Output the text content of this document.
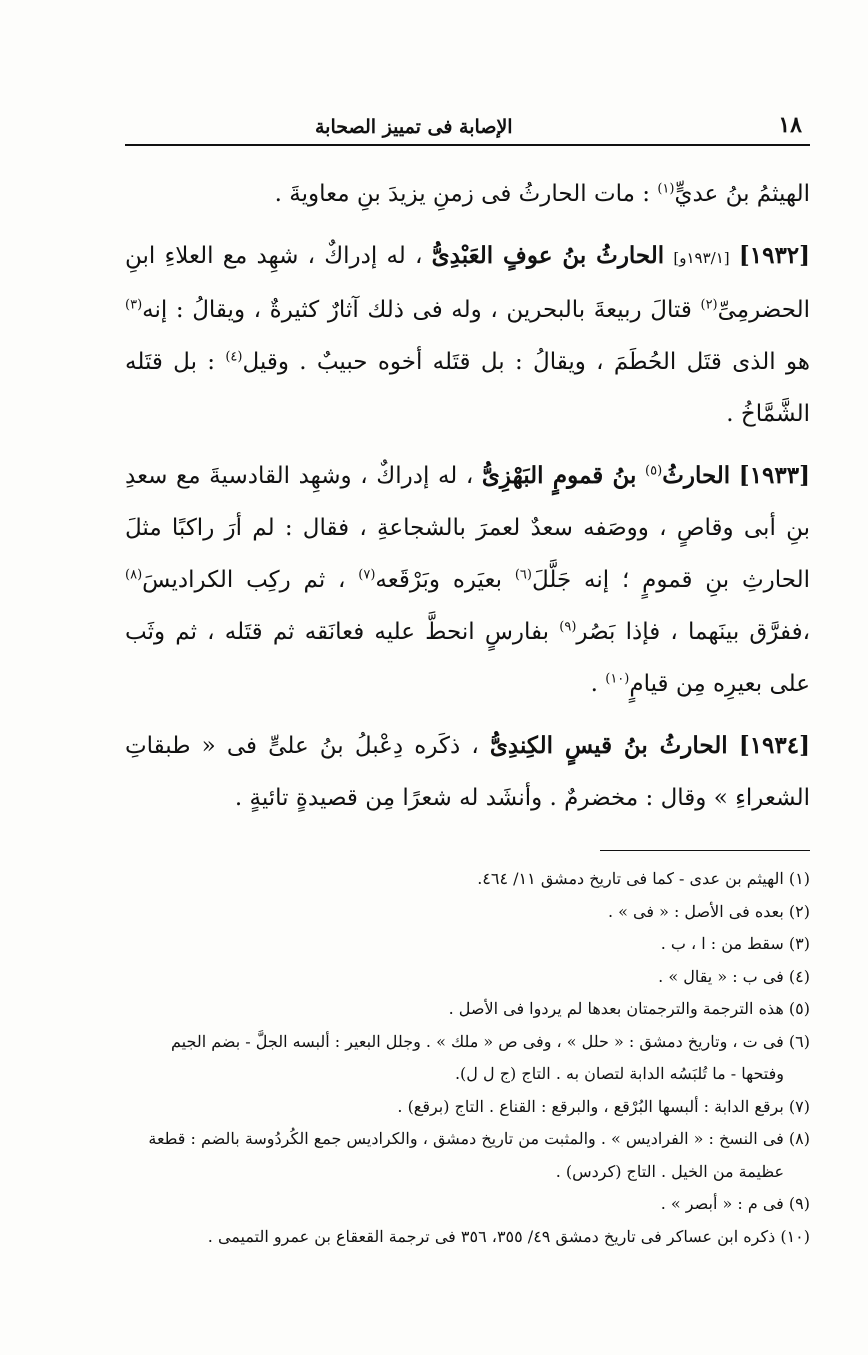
١٨
الإصابة فى تمييز الصحابة

الهيثمُ بنُ عديٍّ$^{(١)}$ : مات الحارثُ فى زمنِ يزيدَ بنِ معاويةَ .

[١٩٣٢] [١٩٣/١و] الحارثُ بنُ عوفٍ العَبْدِىُّ ، له إدراكٌ ، شهِد مع العلاءِ ابنِ الحضرمِىِّ$^{(٢)}$ قتالَ ربيعةَ بالبحرين ، وله فى ذلك آثارٌ كثيرةٌ ، ويقالُ : إنه$^{(٣)}$ هو الذى قتَل الحُطَمَ ، ويقالُ : بل قتَله أخوه حبيبٌ . وقيل$^{(٤)}$ : بل قتَله الشَّمَّاخُ .

[١٩٣٣] الحارثُ$^{(٥)}$ بنُ قمومٍ البَهْزِىُّ ، له إدراكٌ ، وشهِد القادسيةَ مع سعدِ بنِ أبى وقاصٍ ، ووصَفه سعدٌ لعمرَ بالشجاعةِ ، فقال : لم أرَ راكبًا مثلَ الحارثِ بنِ قمومٍ ؛ إنه جَلَّلَ$^{(٦)}$ بعيَره وبَرْقَعه$^{(٧)}$ ، ثم ركِب الكراديسَ$^{(٨)}$ ،ففرَّق بينَهما ، فإذا بَصُر$^{(٩)}$ بفارسٍ انحطَّ عليه فعانَقه ثم قتَله ، ثم وثَب على بعيرِه مِن قيامٍ$^{(١٠)}$ .

[١٩٣٤] الحارثُ بنُ قيسٍ الكِندِىُّ ، ذكَره دِعْبلُ بنُ علىٍّ فى « طبقاتِ الشعراءِ » وقال : مخضرمٌ . وأنشَد له شعرًا مِن قصيدةٍ تائيةٍ .

(١) الهيثم بن عدى - كما فى تاريخ دمشق ١١/ ٤٦٤.

(٢) بعده فى الأصل : « فى » .

(٣) سقط من : ا ، ب .

(٤) فى ب : « يقال » .

(٥) هذه الترجمة والترجمتان بعدها لم يردوا فى الأصل .

(٦) فى ت ، وتاريخ دمشق : « حلل » ، وفى ص « ملك » . وجلل البعير : ألبسه الجلَّ - بضم الجيم

وفتحها - ما تُلبَسُه الدابة لتصان به . التاج (ج ل ل).

(٧) برقع الدابة : ألبسها البُرْقع ، والبرقع : القناع . التاج (برقع) .

(٨) فى النسخ : « الفراديس » . والمثبت من تاريخ دمشق ، والكراديس جمع الكُردُوسة بالضم : قطعة

عظيمة من الخيل . التاج (كردس) .

(٩) فى م : « أبصر » .

(١٠) ذكره ابن عساكر فى تاريخ دمشق ٤٩/ ٣٥٥، ٣٥٦ فى ترجمة القعقاع بن عمرو التميمى .
